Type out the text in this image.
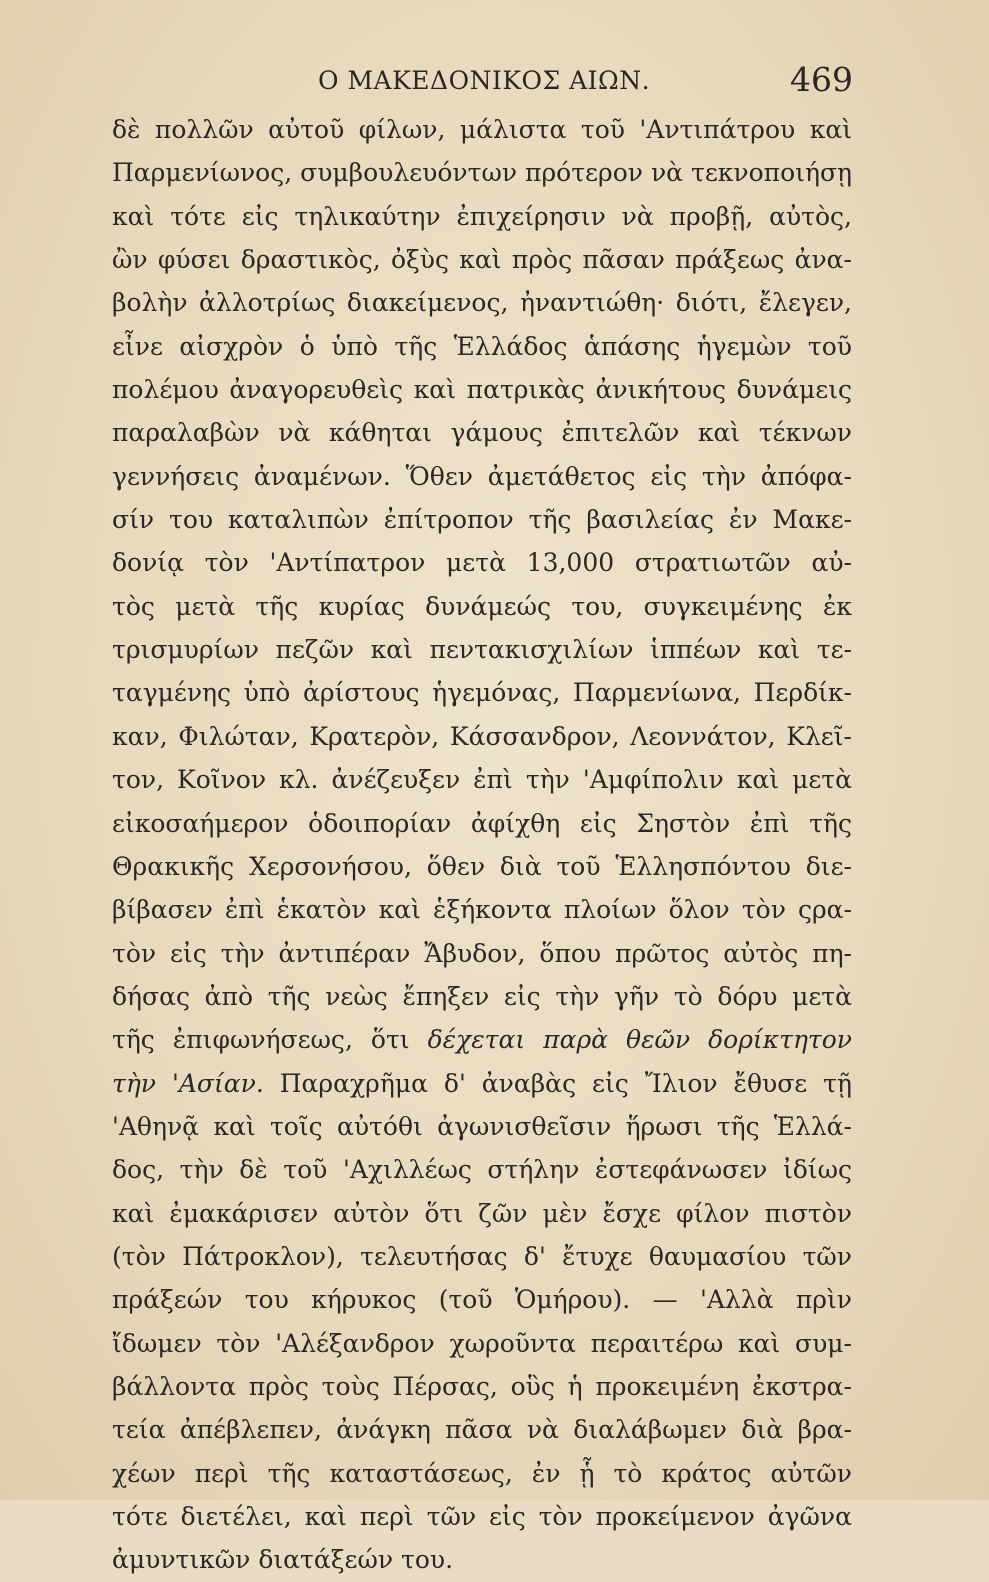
Ο ΜΑΚΕΔΟΝΙΚΟΣ ΑΙΩΝ.	469
δὲ πολλῶν αὐτοῦ φίλων, μάλιστα τοῦ 'Αντιπάτρου καὶ
Παρμενίωνος, συμβουλευόντων πρότερον νὰ τεκνοποιήσῃ
καὶ τότε εἰς τηλικαύτην ἐπιχείρησιν νὰ προβῇ, αὐτὸς,
ὢν φύσει δραστικὸς, ὀξὺς καὶ πρὸς πᾶσαν πράξεως ἀνα-
βολὴν ἀλλοτρίως διακείμενος, ἠναντιώθη· διότι, ἔλεγεν,
εἶνε αἰσχρὸν ὁ ὑπὸ τῆς Ἑλλάδος ἁπάσης ἡγεμὼν τοῦ
πολέμου ἀναγορευθεὶς καὶ πατρικὰς ἀνικήτους δυνάμεις
παραλαβὼν νὰ κάθηται γάμους ἐπιτελῶν καὶ τέκνων
γεννήσεις ἀναμένων. Ὅθεν ἀμετάθετος εἰς τὴν ἀπόφα-
σίν του καταλιπὼν ἐπίτροπον τῆς βασιλείας ἐν Μακε-
δονίᾳ τὸν 'Αντίπατρον μετὰ 13,000 στρατιωτῶν αὐ-
τὸς μετὰ τῆς κυρίας δυνάμεώς του, συγκειμένης ἐκ
τρισμυρίων πεζῶν καὶ πεντακισχιλίων ἱππέων καὶ τε-
ταγμένης ὑπὸ ἀρίστους ἡγεμόνας, Παρμενίωνα, Περδίκ-
καν, Φιλώταν, Κρατερὸν, Κάσσανδρον, Λεοννάτον, Κλεῖ-
τον, Κοῖνον κλ. ἀνέζευξεν ἐπὶ τὴν 'Αμφίπολιν καὶ μετὰ
εἰκοσαήμερον ὁδοιπορίαν ἀφίχθη εἰς Σηστὸν ἐπὶ τῆς
Θρακικῆς Χερσονήσου, ὅθεν διὰ τοῦ Ἑλλησπόντου διε-
βίβασεν ἐπὶ ἑκατὸν καὶ ἑξήκοντα πλοίων ὅλον τὸν ςρα-
τὸν εἰς τὴν ἀντιπέραν Ἄβυδον, ὅπου πρῶτος αὐτὸς πη-
δήσας ἀπὸ τῆς νεὼς ἔπηξεν εἰς τὴν γῆν τὸ δόρυ μετὰ
τῆς ἐπιφωνήσεως, ὅτι δέχεται παρὰ θεῶν δορίκτητον
τὴν 'Ασίαν. Παραχρῆμα δ' ἀναβὰς εἰς Ἴλιον ἔθυσε τῇ
'Αθηνᾷ καὶ τοῖς αὐτόθι ἀγωνισθεῖσιν ἥρωσι τῆς Ἑλλά-
δος, τὴν δὲ τοῦ 'Αχιλλέως στήλην ἐστεφάνωσεν ἰδίως
καὶ ἐμακάρισεν αὐτὸν ὅτι ζῶν μὲν ἔσχε φίλον πιστὸν
(τὸν Πάτροκλον), τελευτήσας δ' ἔτυχε θαυμασίου τῶν
πράξεών του κήρυκος (τοῦ Ὁμήρου). — 'Αλλὰ πρὶν
ἴδωμεν τὸν 'Αλέξανδρον χωροῦντα περαιτέρω καὶ συμ-
βάλλοντα πρὸς τοὺς Πέρσας, οὓς ἡ προκειμένη ἐκστρα-
τεία ἀπέβλεπεν, ἀνάγκη πᾶσα νὰ διαλάβωμεν διὰ βρα-
χέων περὶ τῆς καταστάσεως, ἐν ᾗ τὸ κράτος αὐτῶν
τότε διετέλει, καὶ περὶ τῶν εἰς τὸν προκείμενον ἀγῶνα
ἀμυντικῶν διατάξεών του.
